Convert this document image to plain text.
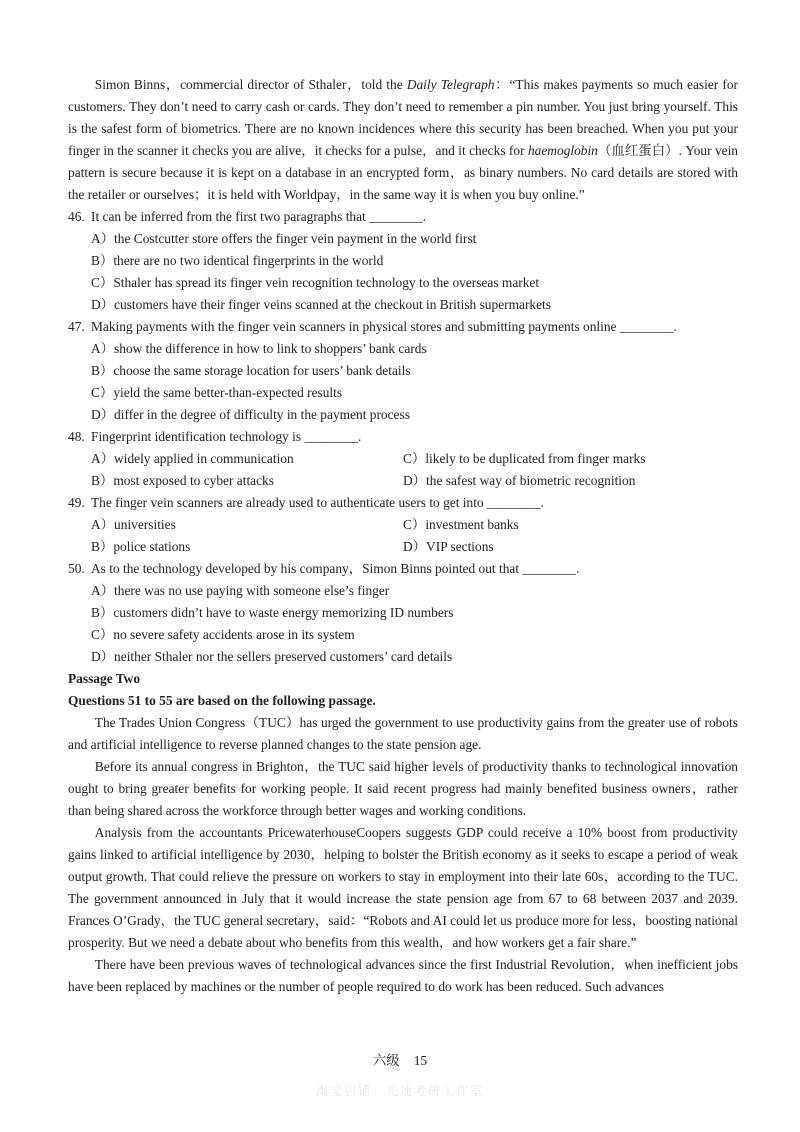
Simon Binns，commercial director of Sthaler，told the Daily Telegraph：“This makes payments so much easier for customers. They don’t need to carry cash or cards. They don’t need to remember a pin number. You just bring yourself. This is the safest form of biometrics. There are no known incidences where this security has been breached. When you put your finger in the scanner it checks you are alive，it checks for a pulse，and it checks for haemoglobin（血红蛋白）. Your vein pattern is secure because it is kept on a database in an encrypted form，as binary numbers. No card details are stored with the retailer or ourselves；it is held with Worldpay，in the same way it is when you buy online.”

46. It can be inferred from the first two paragraphs that ________.

A）the Costcutter store offers the finger vein payment in the world first

B）there are no two identical fingerprints in the world

C）Sthaler has spread its finger vein recognition technology to the overseas market

D）customers have their finger veins scanned at the checkout in British supermarkets

47. Making payments with the finger vein scanners in physical stores and submitting payments online ________.

A）show the difference in how to link to shoppers’ bank cards

B）choose the same storage location for users’ bank details

C）yield the same better-than-expected results

D）differ in the degree of difficulty in the payment process

48. Fingerprint identification technology is ________.
A）widely applied in communication	C）likely to be duplicated from finger marks
B）most exposed to cyber attacks	D）the safest way of biometric recognition
49. The finger vein scanners are already used to authenticate users to get into ________.
A）universities	C）investment banks
B）police stations	D）VIP sections
50. As to the technology developed by his company，Simon Binns pointed out that ________.

A）there was no use paying with someone else’s finger

B）customers didn’t have to waste energy memorizing ID numbers

C）no severe safety accidents arose in its system

D）neither Sthaler nor the sellers preserved customers’ card details

Passage Two

Questions 51 to 55 are based on the following passage.

The Trades Union Congress（TUC）has urged the government to use productivity gains from the greater use of robots and artificial intelligence to reverse planned changes to the state pension age.

Before its annual congress in Brighton，the TUC said higher levels of productivity thanks to technological innovation ought to bring greater benefits for working people. It said recent progress had mainly benefited business owners，rather than being shared across the workforce through better wages and working conditions.

Analysis from the accountants PricewaterhouseCoopers suggests GDP could receive a 10% boost from productivity gains linked to artificial intelligence by 2030，helping to bolster the British economy as it seeks to escape a period of weak output growth. That could relieve the pressure on workers to stay in employment into their late 60s，according to the TUC. The government announced in July that it would increase the state pension age from 67 to 68 between 2037 and 2039. Frances O’Grady，the TUC general secretary，said：“Robots and AI could let us produce more for less，boosting national prosperity. But we need a debate about who benefits from this wealth，and how workers get a fair share.”

There have been previous waves of technological advances since the first Industrial Revolution，when inefficient jobs have been replaced by machines or the number of people required to do work has been reduced. Such advances

六级 15
淘宝店铺：光速考研工作室
